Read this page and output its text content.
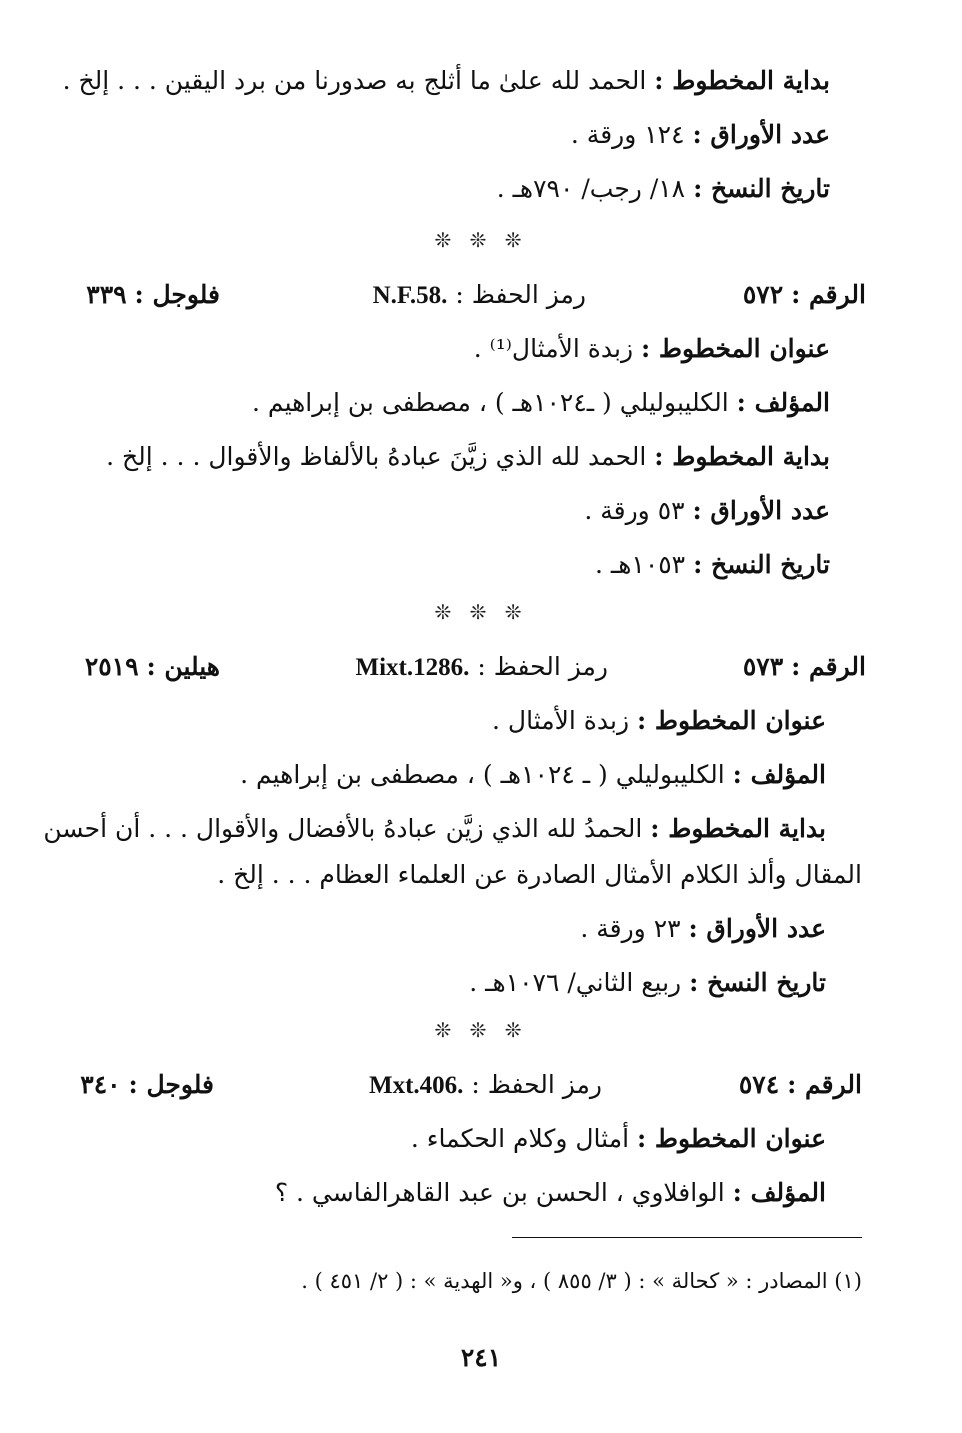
بداية المخطوط : الحمد لله علىٰ ما أثلج به صدورنا من برد اليقين . . . إلخ .
عدد الأوراق : ١٢٤ ورقة .
تاريخ النسخ : ١٨/ رجب/ ٧٩٠هـ .
❊ ❊ ❊
الرقم : ٥٧٢
رمز الحفظ : N.F.58.
فلوجل : ٣٣٩
عنوان المخطوط : زبدة الأمثال⁽¹⁾ .
المؤلف : الكليبوليلي ( ـ١٠٢٤هـ ) ، مصطفى بن إبراهيم .
بداية المخطوط : الحمد لله الذي زيَّنَ عبادهُ بالألفاظ والأقوال . . . إلخ .
عدد الأوراق : ٥٣ ورقة .
تاريخ النسخ : ١٠٥٣هـ .
❊ ❊ ❊
الرقم : ٥٧٣
رمز الحفظ : Mixt.1286.
هيلين : ٢٥١٩
عنوان المخطوط : زبدة الأمثال .
المؤلف : الكليبوليلي ( ـ ١٠٢٤هـ ) ، مصطفى بن إبراهيم .
بداية المخطوط : الحمدُ لله الذي زيَّن عبادهُ بالأفضال والأقوال . . . أن أحسن
المقال وألذ الكلام الأمثال الصادرة عن العلماء العظام . . . إلخ .
عدد الأوراق : ٢٣ ورقة .
تاريخ النسخ : ربيع الثاني/ ١٠٧٦هـ .
❊ ❊ ❊
الرقم : ٥٧٤
رمز الحفظ : Mxt.406.
فلوجل : ٣٤٠
عنوان المخطوط : أمثال وكلام الحكماء .
المؤلف : الوافلاوي ، الحسن بن عبد القاهرالفاسي . ؟
(١) المصادر : « كحالة » : ( ٣/ ٨٥٥ ) ، و« الهدية » : ( ٢/ ٤٥١ ) .
٢٤١
